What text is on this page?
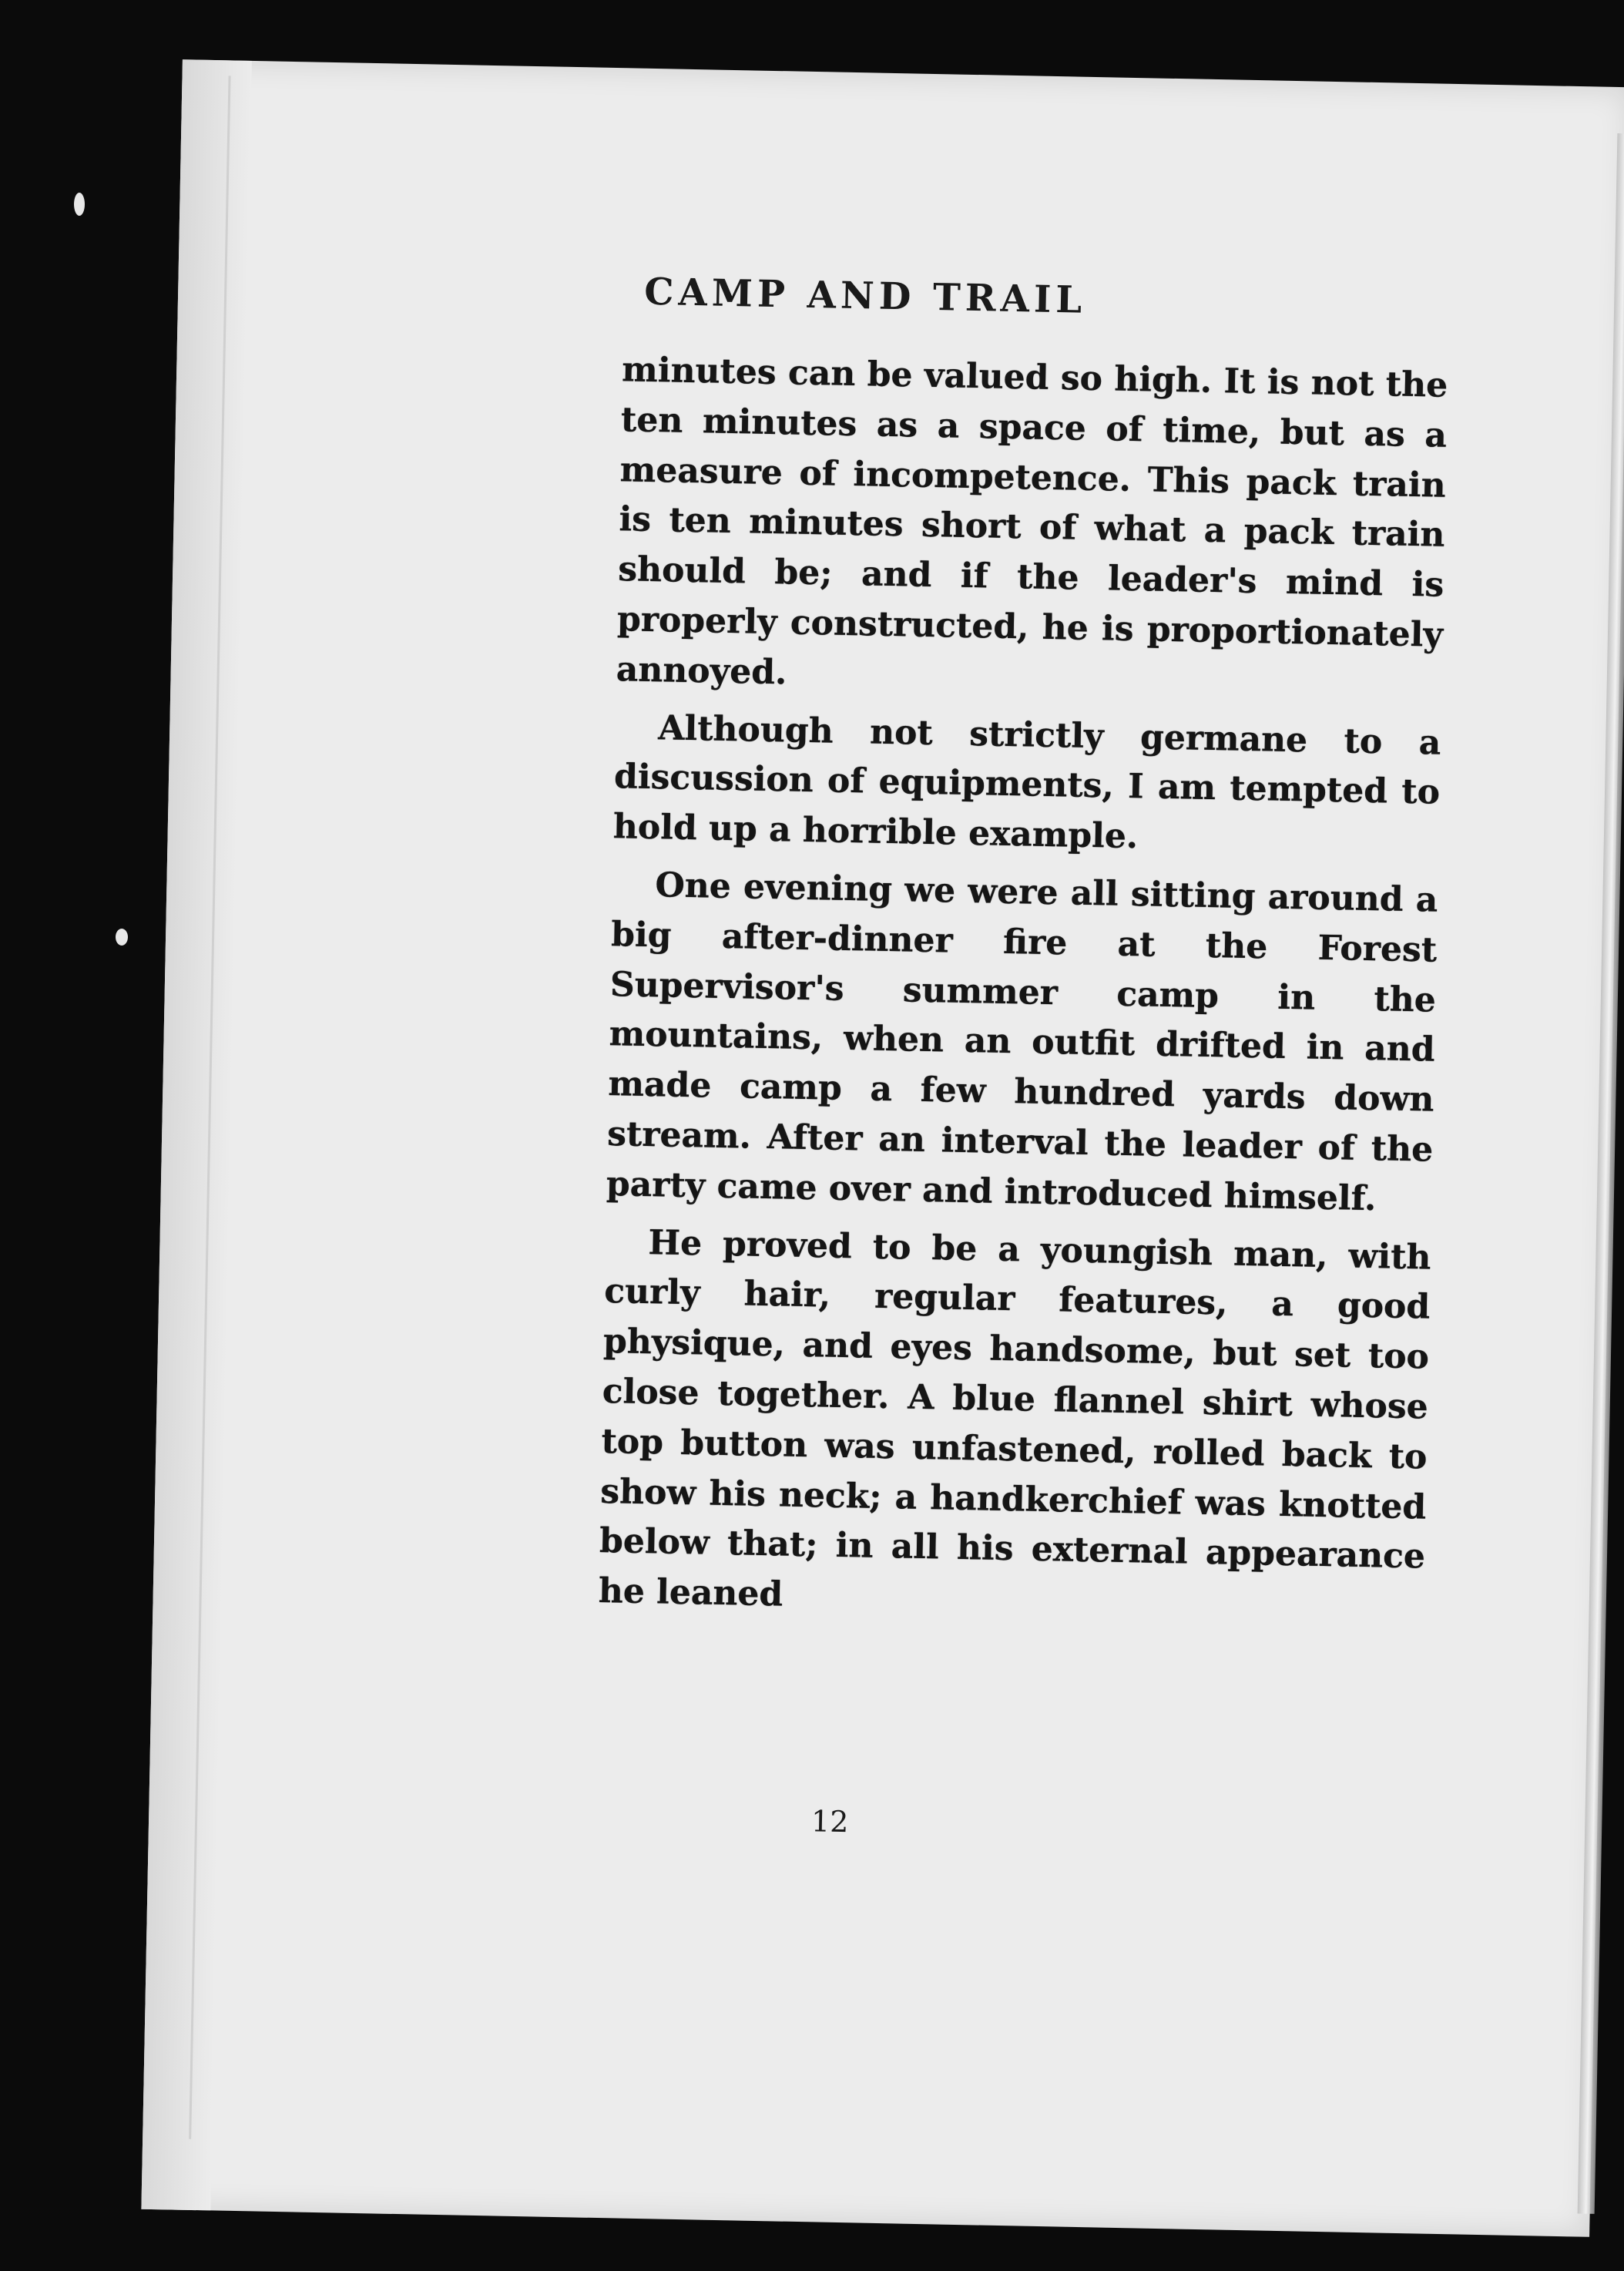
CAMP AND TRAIL

minutes can be valued so high. It is not the ten minutes as a space of time, but as a measure of incompetence. This pack train is ten minutes short of what a pack train should be; and if the leader's mind is properly constructed, he is proportionately annoyed.

Although not strictly germane to a discussion of equipments, I am tempted to hold up a horrible example.

One evening we were all sitting around a big after-dinner fire at the Forest Supervisor's summer camp in the mountains, when an outfit drifted in and made camp a few hundred yards down stream. After an interval the leader of the party came over and introduced himself.

He proved to be a youngish man, with curly hair, regular features, a good physique, and eyes handsome, but set too close together. A blue flannel shirt whose top button was unfastened, rolled back to show his neck; a handkerchief was knotted below that; in all his external appearance he leaned

12
